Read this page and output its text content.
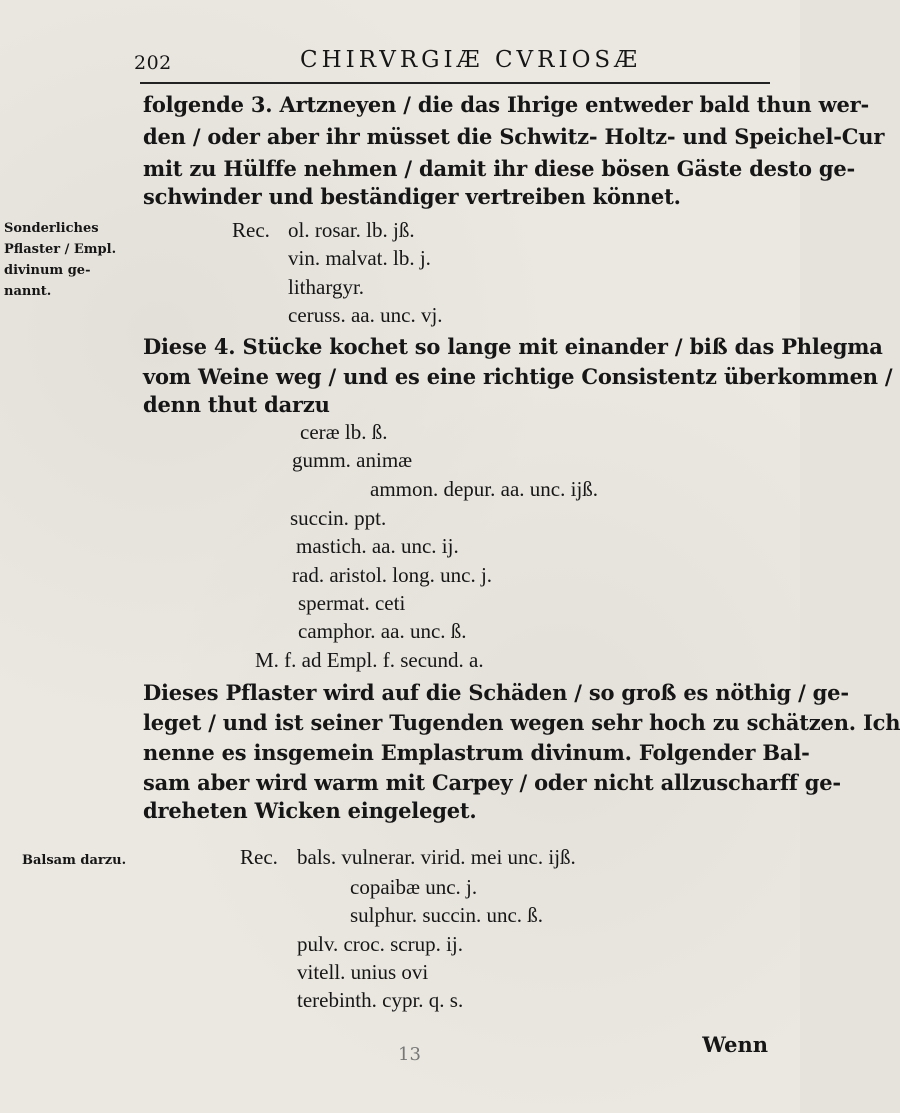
202	CHIRVRGIÆ CVRIOSÆ
folgende 3. Artzneyen / die das Ihrige entweder bald thun wer-
den / oder aber ihr müsset die Schwitz- Holtz- und Speichel-Cur
mit zu Hülffe nehmen / damit ihr diese bösen Gäste desto ge-
schwinder und beständiger vertreiben könnet.
Sonderliches
Pflaster / Empl.
divinum ge-
nannt.
Rec. ol. rosar. lb. jß.
vin. malvat. lb. j.
lithargyr.
ceruss. aa. unc. vj.
Diese 4. Stücke kochet so lange mit einander / biß das Phlegma
vom Weine weg / und es eine richtige Consistentz überkommen /
denn thut darzu
ceræ lb. ß.
gumm. animæ
ammon. depur. aa. unc. ijß.
succin. ppt.
mastich. aa. unc. ij.
rad. aristol. long. unc. j.
spermat. ceti
camphor. aa. unc. ß.
M. f. ad Empl. f. secund. a.
Dieses Pflaster wird auf die Schäden / so groß es nöthig / ge-
leget / und ist seiner Tugenden wegen sehr hoch zu schätzen. Ich
nenne es insgemein Emplastrum divinum. Folgender Bal-
sam aber wird warm mit Carpey / oder nicht allzuscharff ge-
dreheten Wicken eingeleget.
Balsam darzu.	Rec. bals. vulnerar. virid. mei unc. ijß.
copaibæ unc. j.
sulphur. succin. unc. ß.
pulv. croc. scrup. ij.
vitell. unius ovi
terebinth. cypr. q. s.
13	Wenn
